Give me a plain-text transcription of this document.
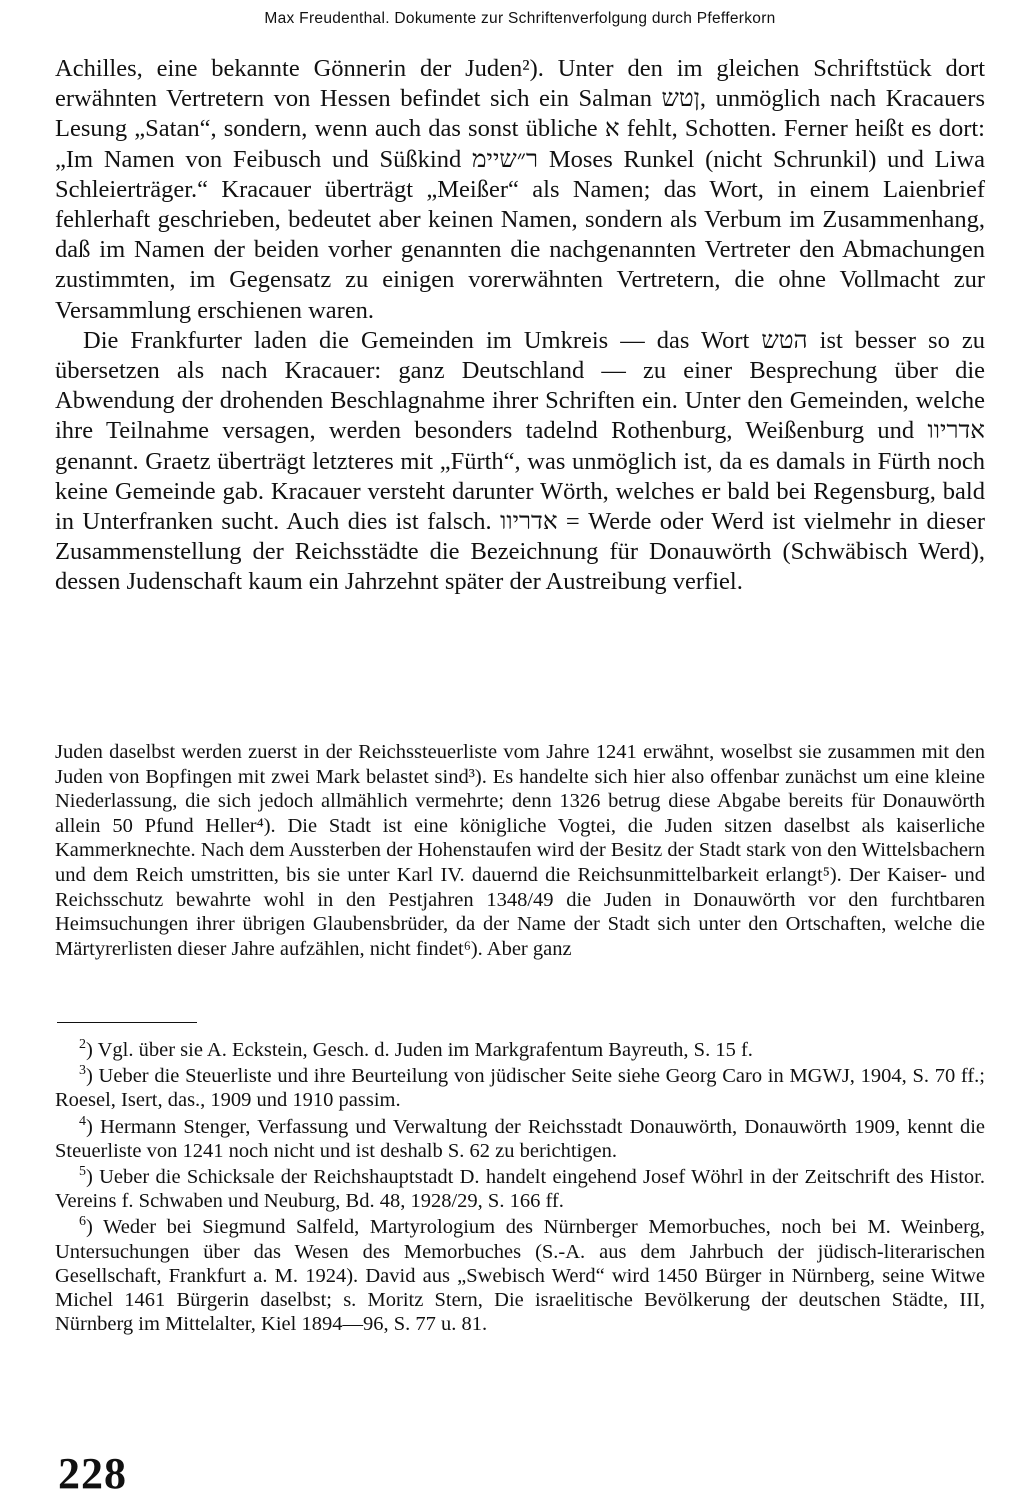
Max Freudenthal. Dokumente zur Schriftenverfolgung durch Pfefferkorn

Achilles, eine bekannte Gönnerin der Juden²). Unter den im gleichen Schriftstück dort erwähnten Vertretern von Hessen befindet sich ein Salman ןטש, unmöglich nach Kracauers Lesung „Satan“, sondern, wenn auch das sonst übliche א fehlt, Schotten. Ferner heißt es dort: „Im Namen von Feibusch und Süßkind ר״שיימ Moses Runkel (nicht Schrunkil) und Liwa Schleierträger.“ Kracauer überträgt „Meißer“ als Namen; das Wort, in einem Laienbrief fehlerhaft geschrieben, bedeutet aber keinen Namen, sondern als Verbum im Zusammenhang, daß im Namen der beiden vorher genannten die nachgenannten Vertreter den Abmachungen zustimmten, im Gegensatz zu einigen vorerwähnten Vertretern, die ohne Vollmacht zur Versammlung erschienen waren.

Die Frankfurter laden die Gemeinden im Umkreis — das Wort הטש ist besser so zu übersetzen als nach Kracauer: ganz Deutschland — zu einer Besprechung über die Abwendung der drohenden Beschlagnahme ihrer Schriften ein. Unter den Gemeinden, welche ihre Teilnahme versagen, werden besonders tadelnd Rothenburg, Weißenburg und אדריוו genannt. Graetz überträgt letzteres mit „Fürth“, was unmöglich ist, da es damals in Fürth noch keine Gemeinde gab. Kracauer versteht darunter Wörth, welches er bald bei Regensburg, bald in Unterfranken sucht. Auch dies ist falsch. אדריוו = Werde oder Werd ist vielmehr in dieser Zusammenstellung der Reichsstädte die Bezeichnung für Donauwörth (Schwäbisch Werd), dessen Judenschaft kaum ein Jahrzehnt später der Austreibung verfiel.

Juden daselbst werden zuerst in der Reichssteuerliste vom Jahre 1241 erwähnt, woselbst sie zusammen mit den Juden von Bopfingen mit zwei Mark belastet sind³). Es handelte sich hier also offenbar zunächst um eine kleine Niederlassung, die sich jedoch allmählich vermehrte; denn 1326 betrug diese Abgabe bereits für Donauwörth allein 50 Pfund Heller⁴). Die Stadt ist eine königliche Vogtei, die Juden sitzen daselbst als kaiserliche Kammerknechte. Nach dem Aussterben der Hohenstaufen wird der Besitz der Stadt stark von den Wittelsbachern und dem Reich umstritten, bis sie unter Karl IV. dauernd die Reichsunmittelbarkeit erlangt⁵). Der Kaiser- und Reichsschutz bewahrte wohl in den Pestjahren 1348/49 die Juden in Donauwörth vor den furchtbaren Heimsuchungen ihrer übrigen Glaubensbrüder, da der Name der Stadt sich unter den Ortschaften, welche die Märtyrerlisten dieser Jahre aufzählen, nicht findet⁶). Aber ganz

$^2$) Vgl. über sie A. Eckstein, Gesch. d. Juden im Markgrafentum Bayreuth, S. 15 f.

$^3$) Ueber die Steuerliste und ihre Beurteilung von jüdischer Seite siehe Georg Caro in MGWJ, 1904, S. 70 ff.; Roesel, Isert, das., 1909 und 1910 passim.

$^4$) Hermann Stenger, Verfassung und Verwaltung der Reichsstadt Donauwörth, Donauwörth 1909, kennt die Steuerliste von 1241 noch nicht und ist deshalb S. 62 zu berichtigen.

$^5$) Ueber die Schicksale der Reichshauptstadt D. handelt eingehend Josef Wöhrl in der Zeitschrift des Histor. Vereins f. Schwaben und Neuburg, Bd. 48, 1928/29, S. 166 ff.

$^6$) Weder bei Siegmund Salfeld, Martyrologium des Nürnberger Memorbuches, noch bei M. Weinberg, Untersuchungen über das Wesen des Memorbuches (S.-A. aus dem Jahrbuch der jüdisch-literarischen Gesellschaft, Frankfurt a. M. 1924). David aus „Swebisch Werd“ wird 1450 Bürger in Nürnberg, seine Witwe Michel 1461 Bürgerin daselbst; s. Moritz Stern, Die israelitische Bevölkerung der deutschen Städte, III, Nürnberg im Mittelalter, Kiel 1894—96, S. 77 u. 81.

228
